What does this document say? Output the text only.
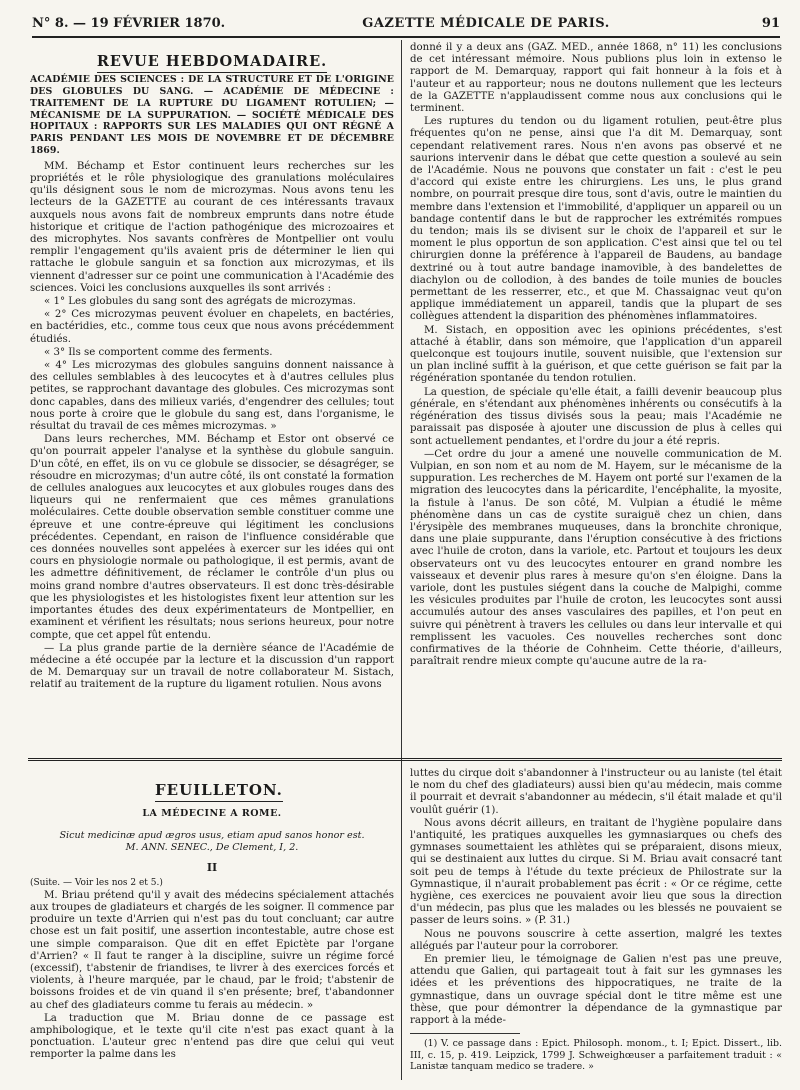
N° 8. — 19 FÉVRIER 1870.	GAZETTE MÉDICALE DE PARIS.	91
REVUE HEBDOMADAIRE.

ACADÉMIE DES SCIENCES : DE LA STRUCTURE ET DE L'ORIGINE DES GLOBULES DU SANG. — ACADÉMIE DE MÉDECINE : TRAITEMENT DE LA RUPTURE DU LIGAMENT ROTULIEN; — MÉCANISME DE LA SUPPURATION. — SOCIÉTÉ MÉDICALE DES HOPITAUX : RAPPORTS SUR LES MALADIES QUI ONT RÉGNÉ A PARIS PENDANT LES MOIS DE NOVEMBRE ET DE DÉCEMBRE 1869.

MM. Béchamp et Estor continuent leurs recherches sur les propriétés et le rôle physiologique des granulations moléculaires qu'ils désignent sous le nom de microzymas. Nous avons tenu les lecteurs de la GAZETTE au courant de ces intéressants travaux auxquels nous avons fait de nombreux emprunts dans notre étude historique et critique de l'action pathogénique des microzoaires et des microphytes. Nos savants confrères de Montpellier ont voulu remplir l'engagement qu'ils avaient pris de déterminer le lien qui rattache le globule sanguin et sa fonction aux microzymas, et ils viennent d'adresser sur ce point une communication à l'Académie des sciences. Voici les conclusions auxquelles ils sont arrivés :

« 1° Les globules du sang sont des agrégats de microzymas.

« 2° Ces microzymas peuvent évoluer en chapelets, en bactéries, en bactéridies, etc., comme tous ceux que nous avons précédemment étudiés.

« 3° Ils se comportent comme des ferments.

« 4° Les microzymas des globules sanguins donnent naissance à des cellules semblables à des leucocytes et à d'autres cellules plus petites, se rapprochant davantage des globules. Ces microzymas sont donc capables, dans des milieux variés, d'engendrer des cellules; tout nous porte à croire que le globule du sang est, dans l'organisme, le résultat du travail de ces mêmes microzymas. »

Dans leurs recherches, MM. Béchamp et Estor ont observé ce qu'on pourrait appeler l'analyse et la synthèse du globule sanguin. D'un côté, en effet, ils on vu ce globule se dissocier, se désagréger, se résoudre en microzymas; d'un autre côté, ils ont constaté la formation de cellules analogues aux leucocytes et aux globules rouges dans des liqueurs qui ne renfermaient que ces mêmes granulations moléculaires. Cette double observation semble constituer comme une épreuve et une contre-épreuve qui légitiment les conclusions précédentes. Cependant, en raison de l'influence considérable que ces données nouvelles sont appelées à exercer sur les idées qui ont cours en physiologie normale ou pathologique, il est permis, avant de les admettre définitivement, de réclamer le contrôle d'un plus ou moins grand nombre d'autres observateurs. Il est donc très-désirable que les physiologistes et les histologistes fixent leur attention sur les importantes études des deux expérimentateurs de Montpellier, en examinent et vérifient les résultats; nous serions heureux, pour notre compte, que cet appel fût entendu.

— La plus grande partie de la dernière séance de l'Académie de médecine a été occupée par la lecture et la discussion d'un rapport de M. Demarquay sur un travail de notre collaborateur M. Sistach, relatif au traitement de la rupture du ligament rotulien. Nous avons

donné il y a deux ans (GAZ. MÉD., année 1868, n° 11) les conclusions de cet intéressant mémoire. Nous publions plus loin in extenso le rapport de M. Demarquay, rapport qui fait honneur à la fois et à l'auteur et au rapporteur; nous ne doutons nullement que les lecteurs de la GAZETTE n'applaudissent comme nous aux conclusions qui le terminent.

Les ruptures du tendon ou du ligament rotulien, peut-être plus fréquentes qu'on ne pense, ainsi que l'a dit M. Demarquay, sont cependant relativement rares. Nous n'en avons pas observé et ne saurions intervenir dans le débat que cette question a soulevé au sein de l'Académie. Nous ne pouvons que constater un fait : c'est le peu d'accord qui existe entre les chirurgiens. Les uns, le plus grand nombre, on pourrait presque dire tous, sont d'avis, outre le maintien du membre dans l'extension et l'immobilité, d'appliquer un appareil ou un bandage contentif dans le but de rapprocher les extrémités rompues du tendon; mais ils se divisent sur le choix de l'appareil et sur le moment le plus opportun de son application. C'est ainsi que tel ou tel chirurgien donne la préférence à l'appareil de Baudens, au bandage dextriné ou à tout autre bandage inamovible, à des bandelettes de diachylon ou de collodion, à des bandes de toile munies de boucles permettant de les resserrer, etc., et que M. Chassaignac veut qu'on applique immédiatement un appareil, tandis que la plupart de ses collègues attendent la disparition des phénomènes inflammatoires.

M. Sistach, en opposition avec les opinions précédentes, s'est attaché à établir, dans son mémoire, que l'application d'un appareil quelconque est toujours inutile, souvent nuisible, que l'extension sur un plan incliné suffit à la guérison, et que cette guérison se fait par la régénération spontanée du tendon rotulien.

La question, de spéciale qu'elle était, a failli devenir beaucoup plus générale, en s'étendant aux phénomènes inhérents ou consécutifs à la régénération des tissus divisés sous la peau; mais l'Académie ne paraissait pas disposée à ajouter une discussion de plus à celles qui sont actuellement pendantes, et l'ordre du jour a été repris.

—Cet ordre du jour a amené une nouvelle communication de M. Vulpian, en son nom et au nom de M. Hayem, sur le mécanisme de la suppuration. Les recherches de M. Hayem ont porté sur l'examen de la migration des leucocytes dans la péricardite, l'encéphalite, la myosite, la fistule à l'anus. De son côté, M. Vulpian a étudié le même phénomène dans un cas de cystite suraiguë chez un chien, dans l'érysipèle des membranes muqueuses, dans la bronchite chronique, dans une plaie suppurante, dans l'éruption consécutive à des frictions avec l'huile de croton, dans la variole, etc. Partout et toujours les deux observateurs ont vu des leucocytes entourer en grand nombre les vaisseaux et devenir plus rares à mesure qu'on s'en éloigne. Dans la variole, dont les pustules siégent dans la couche de Malpighi, comme les vésicules produites par l'huile de croton, les leucocytes sont aussi accumulés autour des anses vasculaires des papilles, et l'on peut en suivre qui pénètrent à travers les cellules ou dans leur intervalle et qui remplissent les vacuoles. Ces nouvelles recherches sont donc confirmatives de la théorie de Cohnheim. Cette théorie, d'ailleurs, paraîtrait rendre mieux compte qu'aucune autre de la ra-

FEUILLETON.
LA MÉDECINE A ROME.
Sicut medicinæ apud ægros usus, etiam apud sanos honor est.
M. ANN. SENEC., De Clement, I, 2.
II

(Suite. — Voir les nos 2 et 5.)

M. Briau prétend qu'il y avait des médecins spécialement attachés aux troupes de gladiateurs et chargés de les soigner. Il commence par produire un texte d'Arrien qui n'est pas du tout concluant; car autre chose est un fait positif, une assertion incontestable, autre chose est une simple comparaison. Que dit en effet Epictète par l'organe d'Arrien? « Il faut te ranger à la discipline, suivre un régime forcé (excessif), t'abstenir de friandises, te livrer à des exercices forcés et violents, à l'heure marquée, par le chaud, par le froid; t'abstenir de boissons froides et de vin quand il s'en présente; bref, t'abandonner au chef des gladiateurs comme tu ferais au médecin. »

La traduction que M. Briau donne de ce passage est amphibologique, et le texte qu'il cite n'est pas exact quant à la ponctuation. L'auteur grec n'entend pas dire que celui qui veut remporter la palme dans les

luttes du cirque doit s'abandonner à l'instructeur ou au laniste (tel était le nom du chef des gladiateurs) aussi bien qu'au médecin, mais comme il pourrait et devrait s'abandonner au médecin, s'il était malade et qu'il voulût guérir (1).

Nous avons décrit ailleurs, en traitant de l'hygiène populaire dans l'antiquité, les pratiques auxquelles les gymnasiarques ou chefs des gymnases soumettaient les athlètes qui se préparaient, disons mieux, qui se destinaient aux luttes du cirque. Si M. Briau avait consacré tant soit peu de temps à l'étude du texte précieux de Philostrate sur la Gymnastique, il n'aurait probablement pas écrit : « Or ce régime, cette hygiène, ces exercices ne pouvaient avoir lieu que sous la direction d'un médecin, pas plus que les malades ou les blessés ne pouvaient se passer de leurs soins. » (P. 31.)

Nous ne pouvons souscrire à cette assertion, malgré les textes allégués par l'auteur pour la corroborer.

En premier lieu, le témoignage de Galien n'est pas une preuve, attendu que Galien, qui partageait tout à fait sur les gymnases les idées et les préventions des hippocratiques, ne traite de la gymnastique, dans un ouvrage spécial dont le titre même est une thèse, que pour démontrer la dépendance de la gymnastique par rapport à la méde-

(1) V. ce passage dans : Epict. Philosoph. monom., t. I; Epict. Dissert., lib. III, c. 15, p. 419. Leipzick, 1799 J. Schweighœuser a parfaitement traduit : « Lanistæ tanquam medico se tradere. »
